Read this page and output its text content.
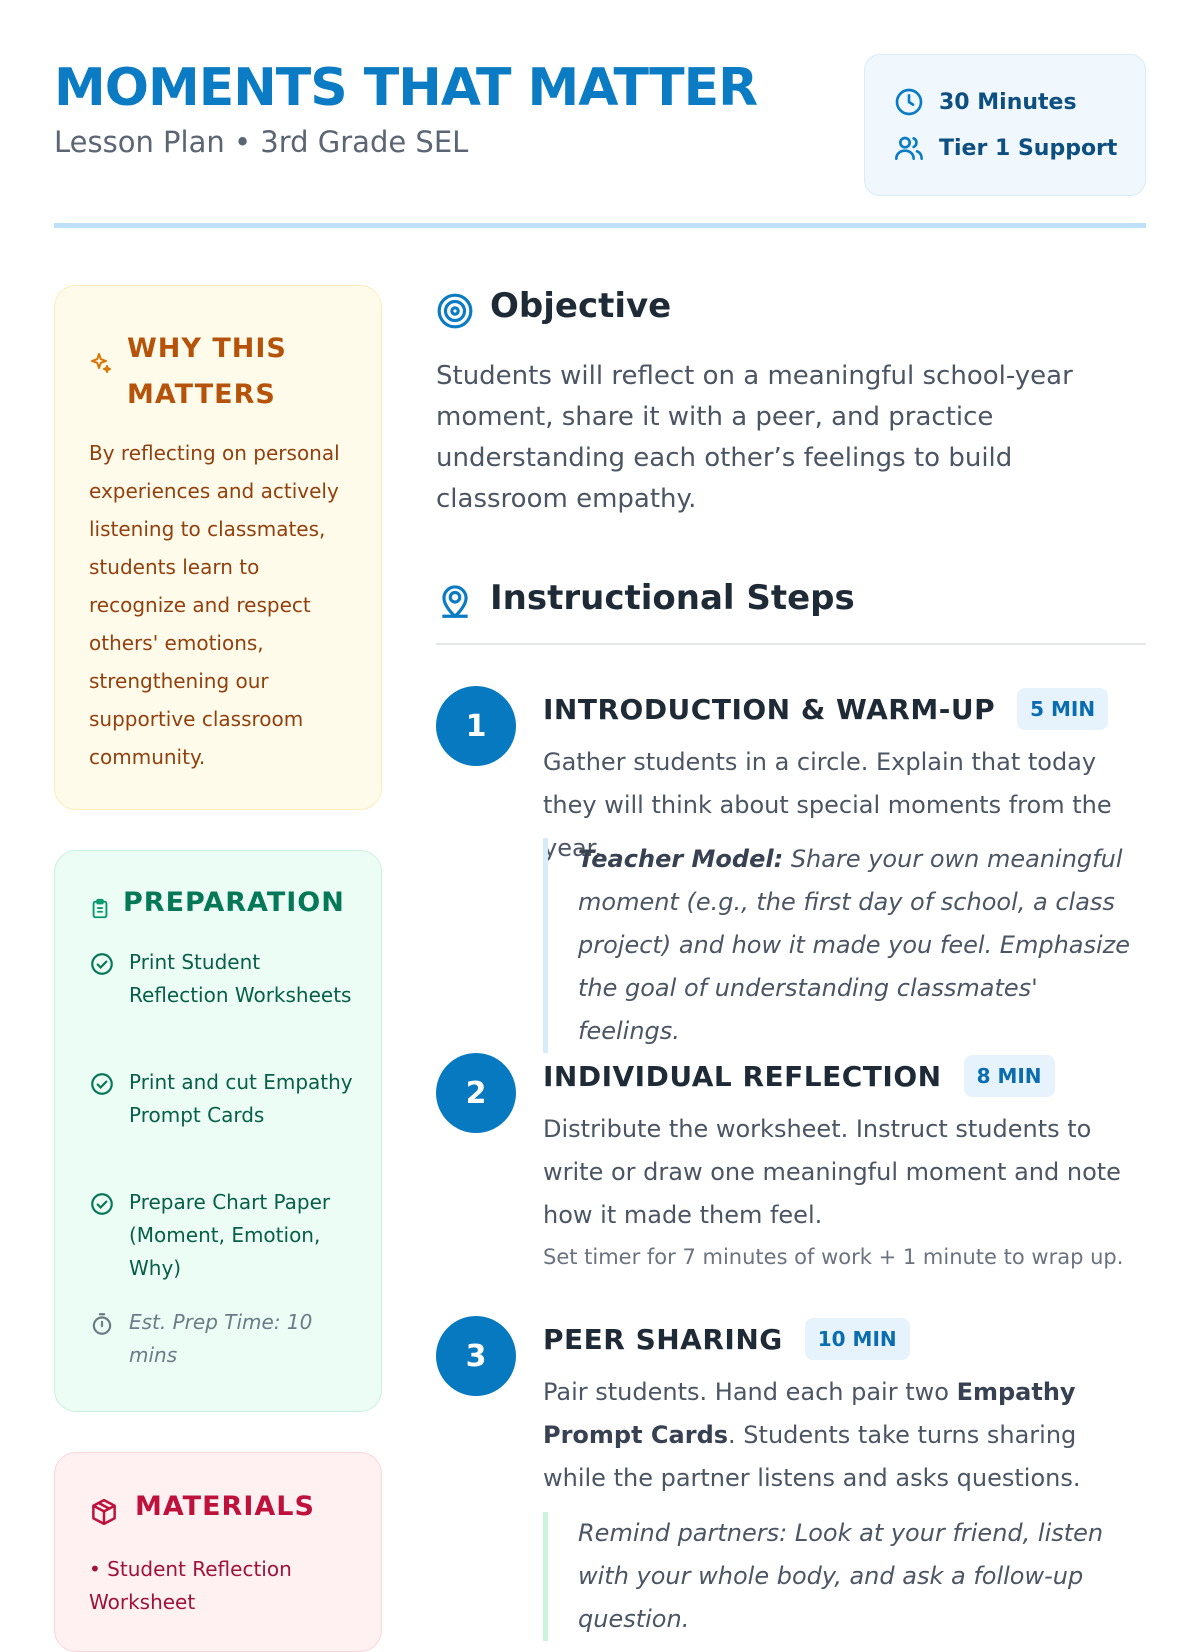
MOMENTS THAT MATTER
Lesson Plan • 3rd Grade SEL
30 Minutes
Tier 1 Support
WHY THIS MATTERS
By reflecting on personal experiences and actively listening to classmates, students learn to recognize and respect others' emotions, strengthening our supportive classroom community.
PREPARATION
Print Student Reflection Worksheets
Print and cut Empathy Prompt Cards
Prepare Chart Paper (Moment, Emotion, Why)
Est. Prep Time: 10 mins
MATERIALS
• Student Reflection Worksheet
Objective
Students will reflect on a meaningful school-year moment, share it with a peer, and practice understanding each other’s feelings to build classroom empathy.
Instructional Steps
1	INTRODUCTION & WARM-UP	5 MIN
Gather students in a circle. Explain that today they will think about special moments from the year.
Teacher Model: Share your own meaningful moment (e.g., the first day of school, a class project) and how it made you feel. Emphasize the goal of understanding classmates' feelings.
2	INDIVIDUAL REFLECTION	8 MIN
Distribute the worksheet. Instruct students to write or draw one meaningful moment and note how it made them feel.
Set timer for 7 minutes of work + 1 minute to wrap up.
3	PEER SHARING	10 MIN
Pair students. Hand each pair two Empathy Prompt Cards. Students take turns sharing while the partner listens and asks questions.
Remind partners: Look at your friend, listen with your whole body, and ask a follow-up question.
